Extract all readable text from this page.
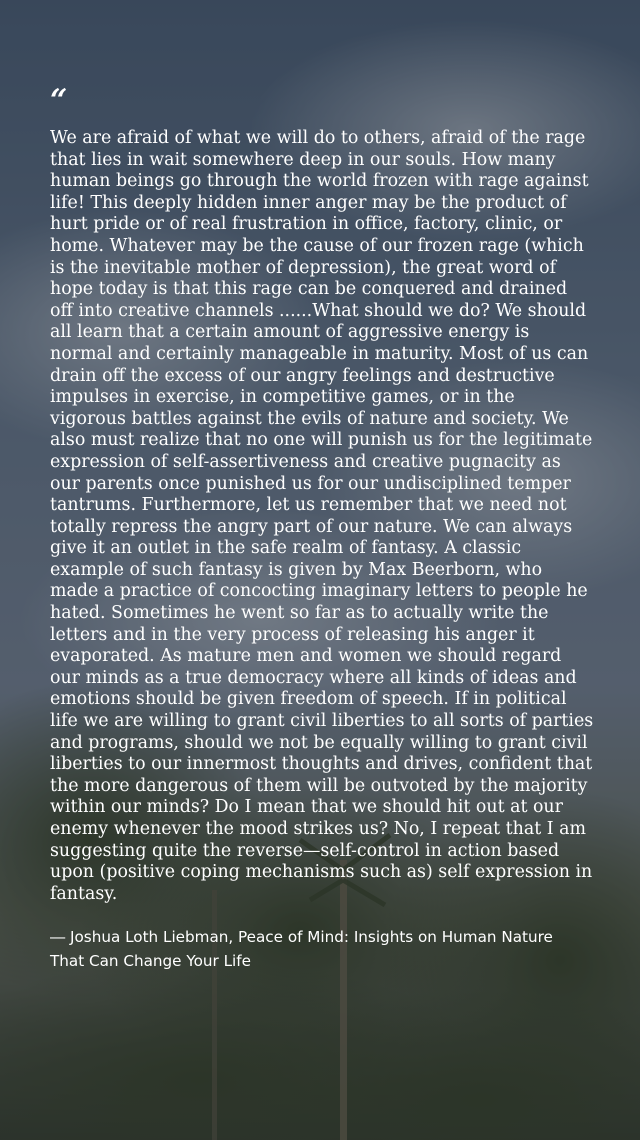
“

We are afraid of what we will do to others, afraid of the rage that lies in wait somewhere deep in our souls. How many human beings go through the world frozen with rage against life! This deeply hidden inner anger may be the product of hurt pride or of real frustration in office, factory, clinic, or home. Whatever may be the cause of our frozen rage (which is the inevitable mother of depression), the great word of hope today is that this rage can be conquered and drained off into creative channels ......What should we do? We should all learn that a certain amount of aggressive energy is normal and certainly manageable in maturity. Most of us can drain off the excess of our angry feelings and destructive impulses in exercise, in competitive games, or in the vigorous battles against the evils of nature and society. We also must realize that no one will punish us for the legitimate expression of self-assertiveness and creative pugnacity as our parents once punished us for our undisciplined temper tantrums. Furthermore, let us remember that we need not totally repress the angry part of our nature. We can always give it an outlet in the safe realm of fantasy. A classic example of such fantasy is given by Max Beerborn, who made a practice of concocting imaginary letters to people he hated. Sometimes he went so far as to actually write the letters and in the very process of releasing his anger it evaporated. As mature men and women we should regard our minds as a true democracy where all kinds of ideas and emotions should be given freedom of speech. If in political life we are willing to grant civil liberties to all sorts of parties and programs, should we not be equally willing to grant civil liberties to our innermost thoughts and drives, confident that the more dangerous of them will be outvoted by the majority within our minds? Do I mean that we should hit out at our enemy whenever the mood strikes us? No, I repeat that I am suggesting quite the reverse—self-control in action based upon (positive coping mechanisms such as) self expression in fantasy.

― Joshua Loth Liebman, Peace of Mind: Insights on Human Nature That Can Change Your Life
